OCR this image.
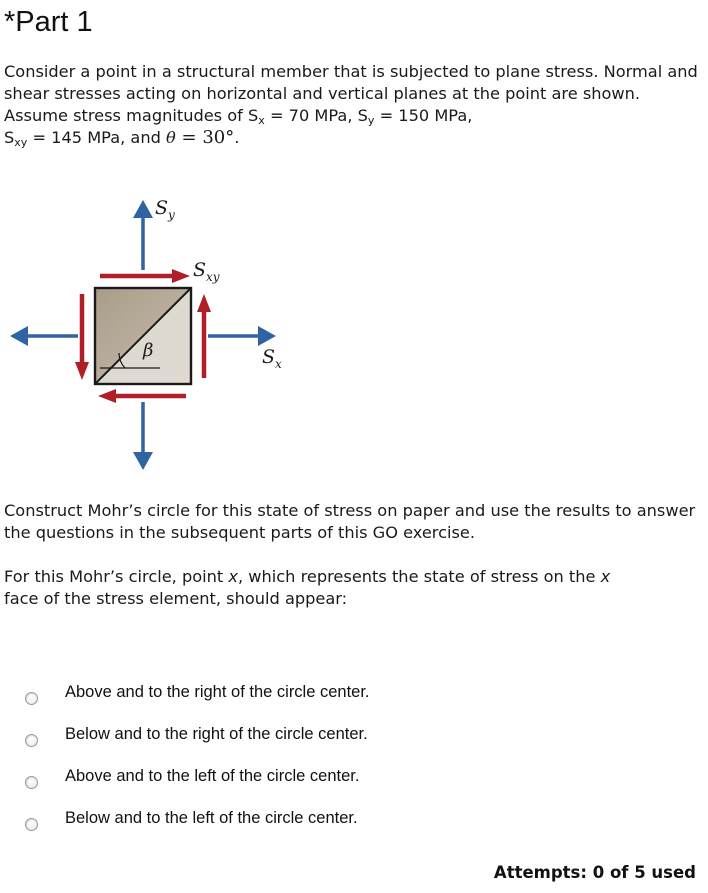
*Part 1
Consider a point in a structural member that is subjected to plane stress. Normal and shear stresses acting on horizontal and vertical planes at the point are shown. Assume stress magnitudes of $S_x = 70$ MPa, $S_y = 150$ MPa,
$S_{xy} = 145$ MPa, and θ = 30°.
$S_y$
$S_{xy}$
$S_x$
β
Construct Mohr’s circle for this state of stress on paper and use the results to answer the questions in the subsequent parts of this GO exercise.
For this Mohr’s circle, point x, which represents the state of stress on the x
face of the stress element, should appear:
Above and to the right of the circle center.
Below and to the right of the circle center.
Above and to the left of the circle center.
Below and to the left of the circle center.
Attempts: 0 of 5 used
